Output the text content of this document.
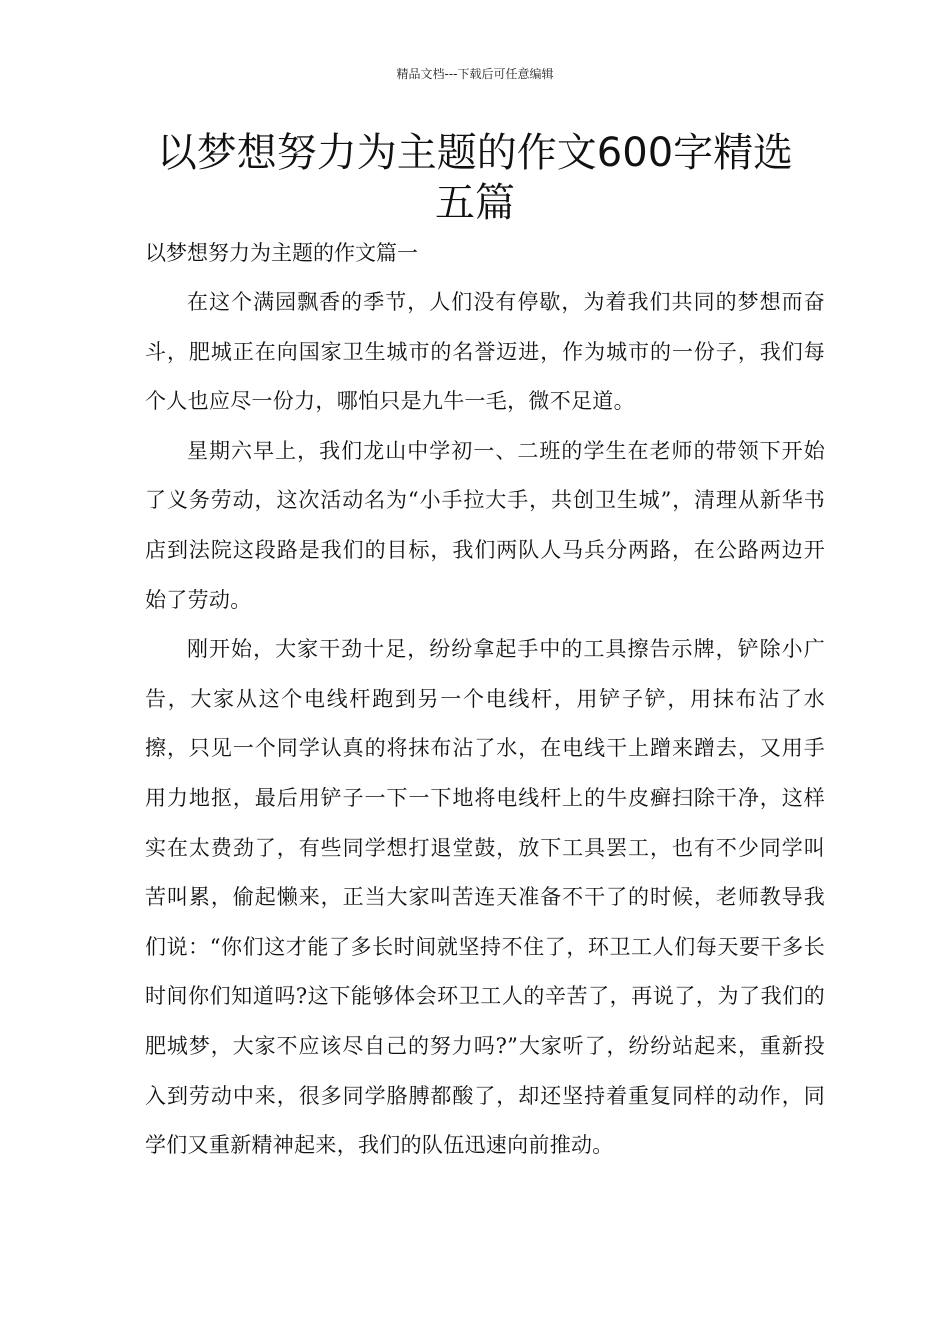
精品文档---下载后可任意编辑
以梦想努力为主题的作文600字精选五篇
以梦想努力为主题的作文篇一

在这个满园飘香的季节，人们没有停歇，为着我们共同的梦想而奋斗，肥城正在向国家卫生城市的名誉迈进，作为城市的一份子，我们每个人也应尽一份力，哪怕只是九牛一毛，微不足道。

星期六早上，我们龙山中学初一、二班的学生在老师的带领下开始了义务劳动，这次活动名为“小手拉大手，共创卫生城”，清理从新华书店到法院这段路是我们的目标，我们两队人马兵分两路，在公路两边开始了劳动。

刚开始，大家干劲十足，纷纷拿起手中的工具擦告示牌，铲除小广告，大家从这个电线杆跑到另一个电线杆，用铲子铲，用抹布沾了水擦，只见一个同学认真的将抹布沾了水，在电线干上蹭来蹭去，又用手用力地抠，最后用铲子一下一下地将电线杆上的牛皮癣扫除干净，这样实在太费劲了，有些同学想打退堂鼓，放下工具罢工，也有不少同学叫苦叫累，偷起懒来，正当大家叫苦连天准备不干了的时候，老师教导我们说：“你们这才能了多长时间就坚持不住了，环卫工人们每天要干多长时间你们知道吗?这下能够体会环卫工人的辛苦了，再说了，为了我们的肥城梦，大家不应该尽自己的努力吗?”大家听了，纷纷站起来，重新投入到劳动中来，很多同学胳膊都酸了，却还坚持着重复同样的动作，同学们又重新精神起来，我们的队伍迅速向前推动。
